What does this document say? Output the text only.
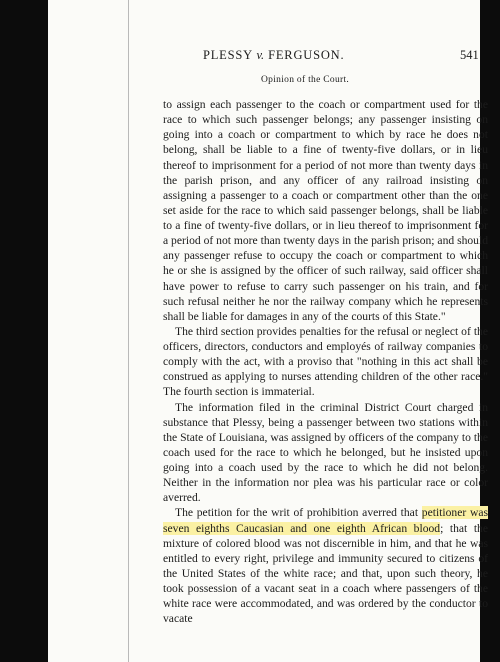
PLESSY v. FERGUSON.	541
Opinion of the Court.

to assign each passenger to the coach or compartment used for the race to which such passenger belongs; any passenger insisting on going into a coach or compartment to which by race he does not belong, shall be liable to a fine of twenty-five dollars, or in lieu thereof to imprisonment for a period of not more than twenty days in the parish prison, and any officer of any railroad insisting on assigning a passenger to a coach or compartment other than the one set aside for the race to which said passenger belongs, shall be liable to a fine of twenty-five dollars, or in lieu thereof to imprisonment for a period of not more than twenty days in the parish prison; and should any passenger refuse to occupy the coach or compartment to which he or she is assigned by the officer of such railway, said officer shall have power to refuse to carry such passenger on his train, and for such refusal neither he nor the railway company which he represents shall be liable for damages in any of the courts of this State."

The third section provides penalties for the refusal or neglect of the officers, directors, conductors and employés of railway companies to comply with the act, with a proviso that "nothing in this act shall be construed as applying to nurses attending children of the other race." The fourth section is immaterial.

The information filed in the criminal District Court charged in substance that Plessy, being a passenger between two stations within the State of Louisiana, was assigned by officers of the company to the coach used for the race to which he belonged, but he insisted upon going into a coach used by the race to which he did not belong. Neither in the information nor plea was his particular race or color averred.

The petition for the writ of prohibition averred that petitioner was seven eighths Caucasian and one eighth African blood; that the mixture of colored blood was not discernible in him, and that he was entitled to every right, privilege and immunity secured to citizens of the United States of the white race; and that, upon such theory, he took possession of a vacant seat in a coach where passengers of the white race were accommodated, and was ordered by the conductor to vacate
